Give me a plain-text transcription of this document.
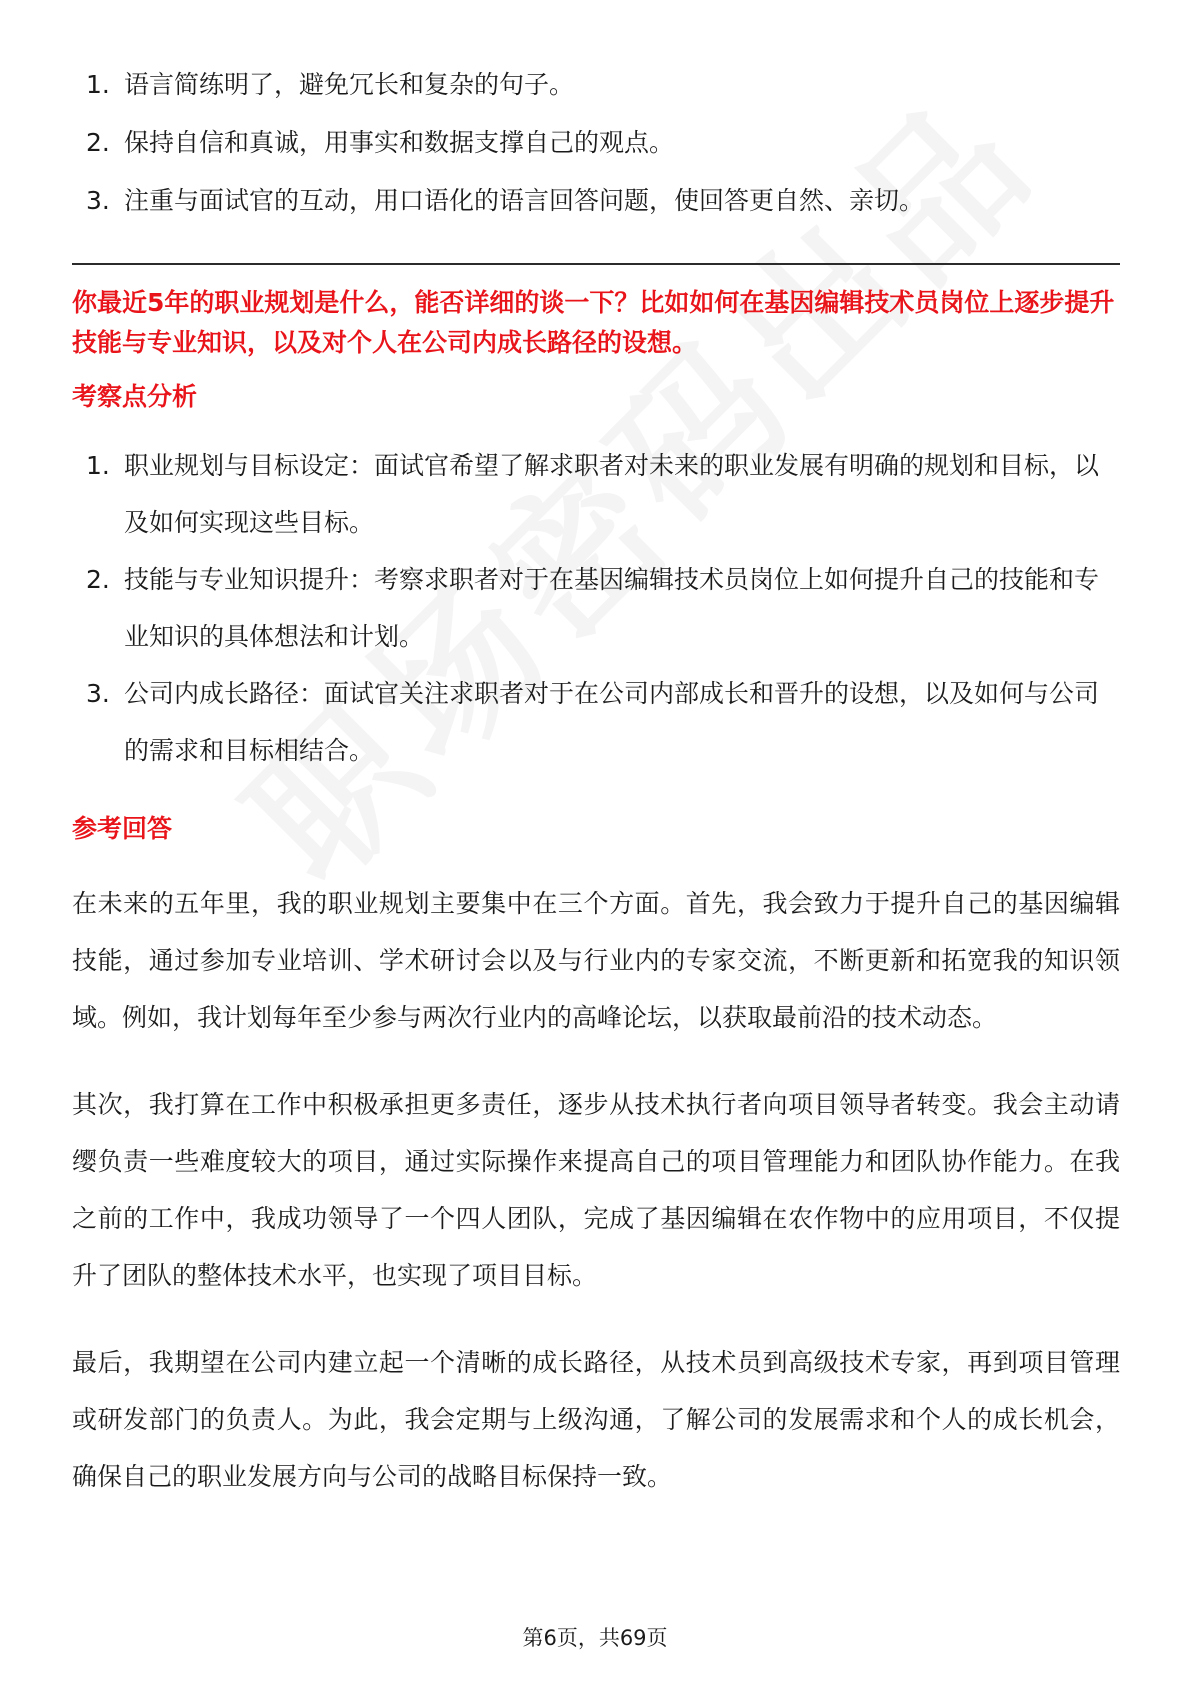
1. 语言简练明了，避免冗长和复杂的句子。
2. 保持自信和真诚，用事实和数据支撑自己的观点。
3. 注重与面试官的互动，用口语化的语言回答问题，使回答更自然、亲切。

你最近5年的职业规划是什么，能否详细的谈一下？比如如何在基因编辑技术员岗位上逐步提升技能与专业知识，以及对个人在公司内成长路径的设想。

考察点分析
1. 职业规划与目标设定：面试官希望了解求职者对未来的职业发展有明确的规划和目标，以及如何实现这些目标。
2. 技能与专业知识提升：考察求职者对于在基因编辑技术员岗位上如何提升自己的技能和专业知识的具体想法和计划。
3. 公司内成长路径：面试官关注求职者对于在公司内部成长和晋升的设想，以及如何与公司的需求和目标相结合。
参考回答

在未来的五年里，我的职业规划主要集中在三个方面。首先，我会致力于提升自己的基因编辑技能，通过参加专业培训、学术研讨会以及与行业内的专家交流，不断更新和拓宽我的知识领域。例如，我计划每年至少参与两次行业内的高峰论坛，以获取最前沿的技术动态。

其次，我打算在工作中积极承担更多责任，逐步从技术执行者向项目领导者转变。我会主动请缨负责一些难度较大的项目，通过实际操作来提高自己的项目管理能力和团队协作能力。在我之前的工作中，我成功领导了一个四人团队，完成了基因编辑在农作物中的应用项目，不仅提升了团队的整体技术水平，也实现了项目目标。

最后，我期望在公司内建立起一个清晰的成长路径，从技术员到高级技术专家，再到项目管理或研发部门的负责人。为此，我会定期与上级沟通，了解公司的发展需求和个人的成长机会，确保自己的职业发展方向与公司的战略目标保持一致。

第6页，共69页
